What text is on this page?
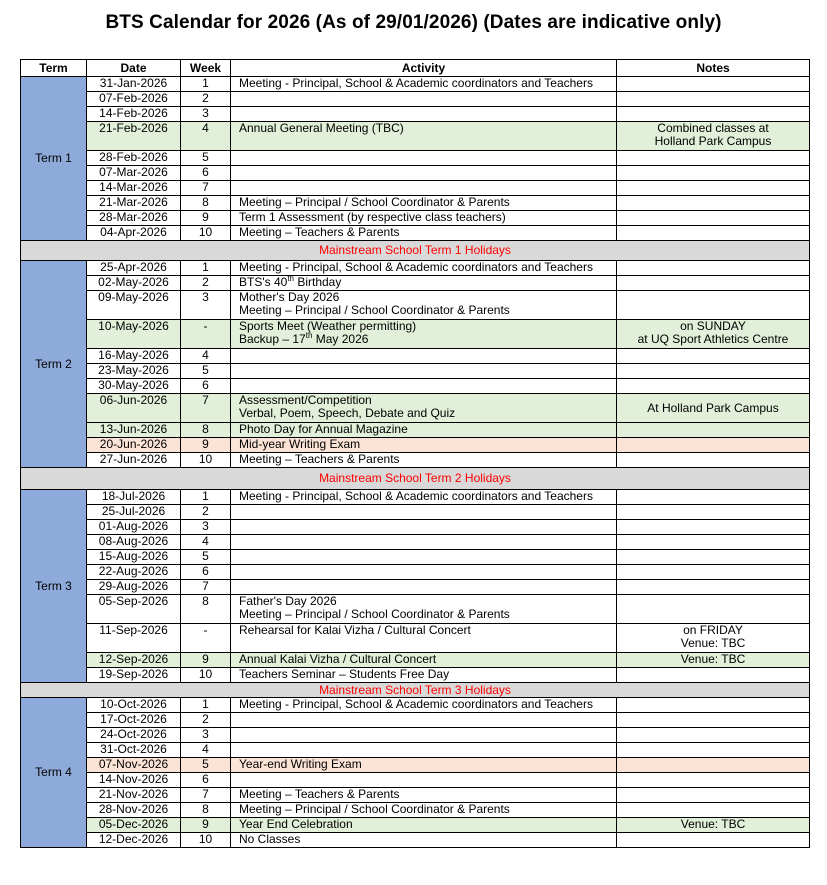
BTS Calendar for 2026 (As of 29/01/2026) (Dates are indicative only)
Term	Date	Week	Activity	Notes
Term 1	31-Jan-2026	1	Meeting - Principal, School & Academic coordinators and Teachers	
	07-Feb-2026	2		
	14-Feb-2026	3		
	21-Feb-2026	4	Annual General Meeting (TBC)	Combined classes at
Holland Park Campus
	28-Feb-2026	5		
	07-Mar-2026	6		
	14-Mar-2026	7		
	21-Mar-2026	8	Meeting – Principal / School Coordinator & Parents	
	28-Mar-2026	9	Term 1 Assessment (by respective class teachers)	
	04-Apr-2026	10	Meeting – Teachers & Parents	
Mainstream School Term 1 Holidays				
Term 2	25-Apr-2026	1	Meeting - Principal, School & Academic coordinators and Teachers	
	02-May-2026	2	BTS's 40th Birthday	
	09-May-2026	3	Mother's Day 2026
Meeting – Principal / School Coordinator & Parents	
	10-May-2026	-	Sports Meet (Weather permitting)
Backup – 17th May 2026	on SUNDAY
at UQ Sport Athletics Centre
	16-May-2026	4		
	23-May-2026	5		
	30-May-2026	6		
	06-Jun-2026	7	Assessment/Competition
Verbal, Poem, Speech, Debate and Quiz	At Holland Park Campus
	13-Jun-2026	8	Photo Day for Annual Magazine	
	20-Jun-2026	9	Mid-year Writing Exam	
	27-Jun-2026	10	Meeting – Teachers & Parents	
Mainstream School Term 2 Holidays				
Term 3	18-Jul-2026	1	Meeting - Principal, School & Academic coordinators and Teachers	
	25-Jul-2026	2		
	01-Aug-2026	3		
	08-Aug-2026	4		
	15-Aug-2026	5		
	22-Aug-2026	6		
	29-Aug-2026	7		
	05-Sep-2026	8	Father's Day 2026
Meeting – Principal / School Coordinator & Parents	
	11-Sep-2026	-	Rehearsal for Kalai Vizha / Cultural Concert	on FRIDAY
Venue: TBC
	12-Sep-2026	9	Annual Kalai Vizha / Cultural Concert	Venue: TBC
	19-Sep-2026	10	Teachers Seminar – Students Free Day	
Mainstream School Term 3 Holidays				
Term 4	10-Oct-2026	1	Meeting - Principal, School & Academic coordinators and Teachers	
	17-Oct-2026	2		
	24-Oct-2026	3		
	31-Oct-2026	4		
	07-Nov-2026	5	Year-end Writing Exam	
	14-Nov-2026	6		
	21-Nov-2026	7	Meeting – Teachers & Parents	
	28-Nov-2026	8	Meeting – Principal / School Coordinator & Parents	
	05-Dec-2026	9	Year End Celebration	Venue: TBC
	12-Dec-2026	10	No Classes	
